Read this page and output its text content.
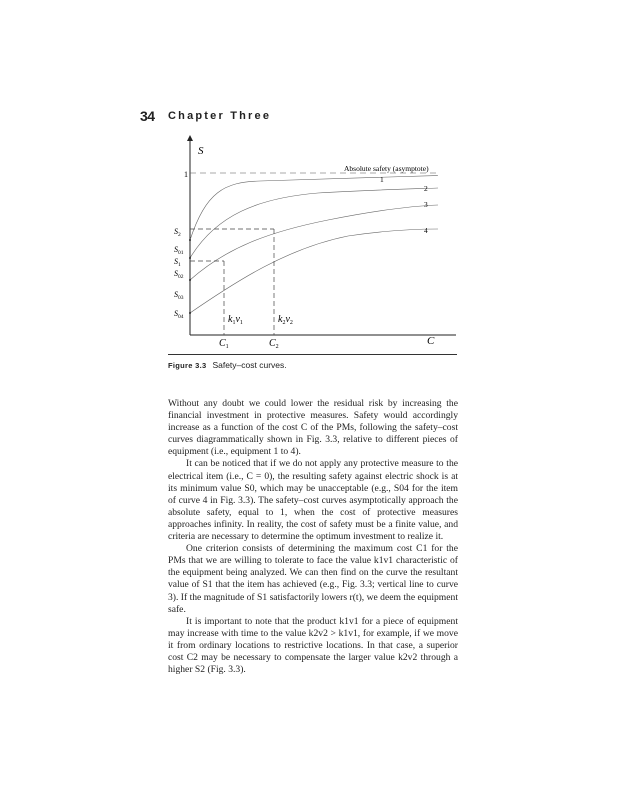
34 Chapter Three
S
C
1
Absolute safety (asymptote)
1
2
3
4
$S_2$
$S_{01}$
$S_1$
$S_{02}$
$S_{03}$
$S_{04}$	$k_1v_1$	$k_2v_2$
$C_1$	$C_2$
Figure 3.3 Safety–cost curves.

Without any doubt we could lower the residual risk by increasing the financial investment in protective measures. Safety would accordingly increase as a function of the cost C of the PMs, following the safety–cost curves diagrammatically shown in Fig. 3.3, relative to different pieces of equipment (i.e., equipment 1 to 4).

It can be noticed that if we do not apply any protective measure to the electrical item (i.e., C = 0), the resulting safety against electric shock is at its minimum value S0, which may be unacceptable (e.g., S04 for the item of curve 4 in Fig. 3.3). The safety–cost curves asymptotically approach the absolute safety, equal to 1, when the cost of protective measures approaches infinity. In reality, the cost of safety must be a finite value, and criteria are necessary to determine the optimum investment to realize it.

One criterion consists of determining the maximum cost C1 for the PMs that we are willing to tolerate to face the value k1v1 characteristic of the equipment being analyzed. We can then find on the curve the resultant value of S1 that the item has achieved (e.g., Fig. 3.3; vertical line to curve 3). If the magnitude of S1 satisfactorily lowers r(t), we deem the equipment safe.

It is important to note that the product k1v1 for a piece of equipment may increase with time to the value k2v2 > k1v1, for example, if we move it from ordinary locations to restrictive locations. In that case, a superior cost C2 may be necessary to compensate the larger value k2v2 through a higher S2 (Fig. 3.3).
